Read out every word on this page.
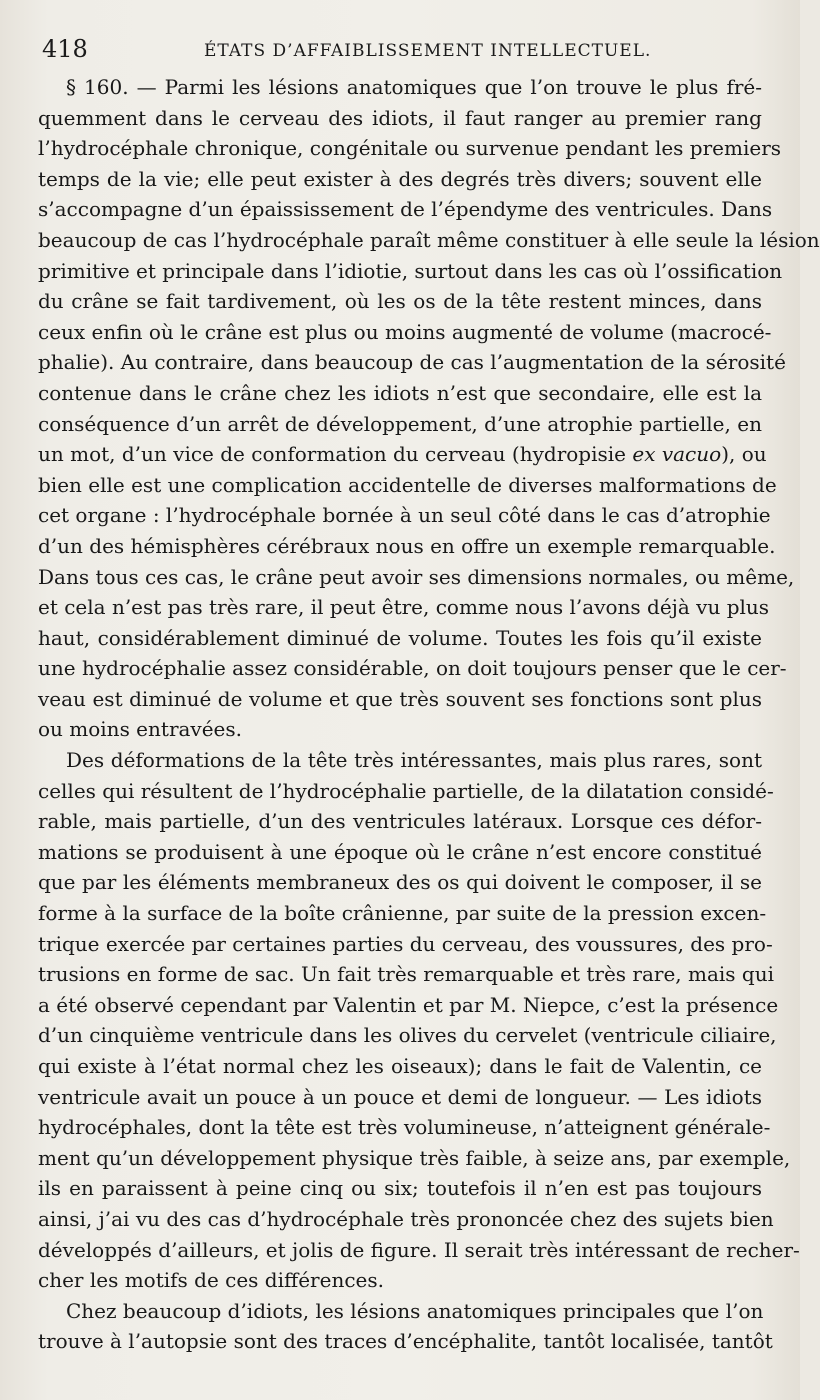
418	ÉTATS D’AFFAIBLISSEMENT INTELLECTUEL.
§ 160. — Parmi les lésions anatomiques que l’on trouve le plus fré-
quemment dans le cerveau des idiots, il faut ranger au premier rang
l’hydrocéphale chronique, congénitale ou survenue pendant les premiers
temps de la vie; elle peut exister à des degrés très divers; souvent elle
s’accompagne d’un épaississement de l’épendyme des ventricules. Dans
beaucoup de cas l’hydrocéphale paraît même constituer à elle seule la lésion
primitive et principale dans l’idiotie, surtout dans les cas où l’ossification
du crâne se fait tardivement, où les os de la tête restent minces, dans
ceux enfin où le crâne est plus ou moins augmenté de volume (macrocé-
phalie). Au contraire, dans beaucoup de cas l’augmentation de la sérosité
contenue dans le crâne chez les idiots n’est que secondaire, elle est la
conséquence d’un arrêt de développement, d’une atrophie partielle, en
un mot, d’un vice de conformation du cerveau (hydropisie ex vacuo), ou
bien elle est une complication accidentelle de diverses malformations de
cet organe : l’hydrocéphale bornée à un seul côté dans le cas d’atrophie
d’un des hémisphères cérébraux nous en offre un exemple remarquable.
Dans tous ces cas, le crâne peut avoir ses dimensions normales, ou même,
et cela n’est pas très rare, il peut être, comme nous l’avons déjà vu plus
haut, considérablement diminué de volume. Toutes les fois qu’il existe
une hydrocéphalie assez considérable, on doit toujours penser que le cer-
veau est diminué de volume et que très souvent ses fonctions sont plus
ou moins entravées.
Des déformations de la tête très intéressantes, mais plus rares, sont
celles qui résultent de l’hydrocéphalie partielle, de la dilatation considé-
rable, mais partielle, d’un des ventricules latéraux. Lorsque ces défor-
mations se produisent à une époque où le crâne n’est encore constitué
que par les éléments membraneux des os qui doivent le composer, il se
forme à la surface de la boîte crânienne, par suite de la pression excen-
trique exercée par certaines parties du cerveau, des voussures, des pro-
trusions en forme de sac. Un fait très remarquable et très rare, mais qui
a été observé cependant par Valentin et par M. Niepce, c’est la présence
d’un cinquième ventricule dans les olives du cervelet (ventricule ciliaire,
qui existe à l’état normal chez les oiseaux); dans le fait de Valentin, ce
ventricule avait un pouce à un pouce et demi de longueur. — Les idiots
hydrocéphales, dont la tête est très volumineuse, n’atteignent générale-
ment qu’un développement physique très faible, à seize ans, par exemple,
ils en paraissent à peine cinq ou six; toutefois il n’en est pas toujours
ainsi, j’ai vu des cas d’hydrocéphale très prononcée chez des sujets bien
développés d’ailleurs, et jolis de figure. Il serait très intéressant de recher-
cher les motifs de ces différences.
Chez beaucoup d’idiots, les lésions anatomiques principales que l’on
trouve à l’autopsie sont des traces d’encéphalite, tantôt localisée, tantôt
